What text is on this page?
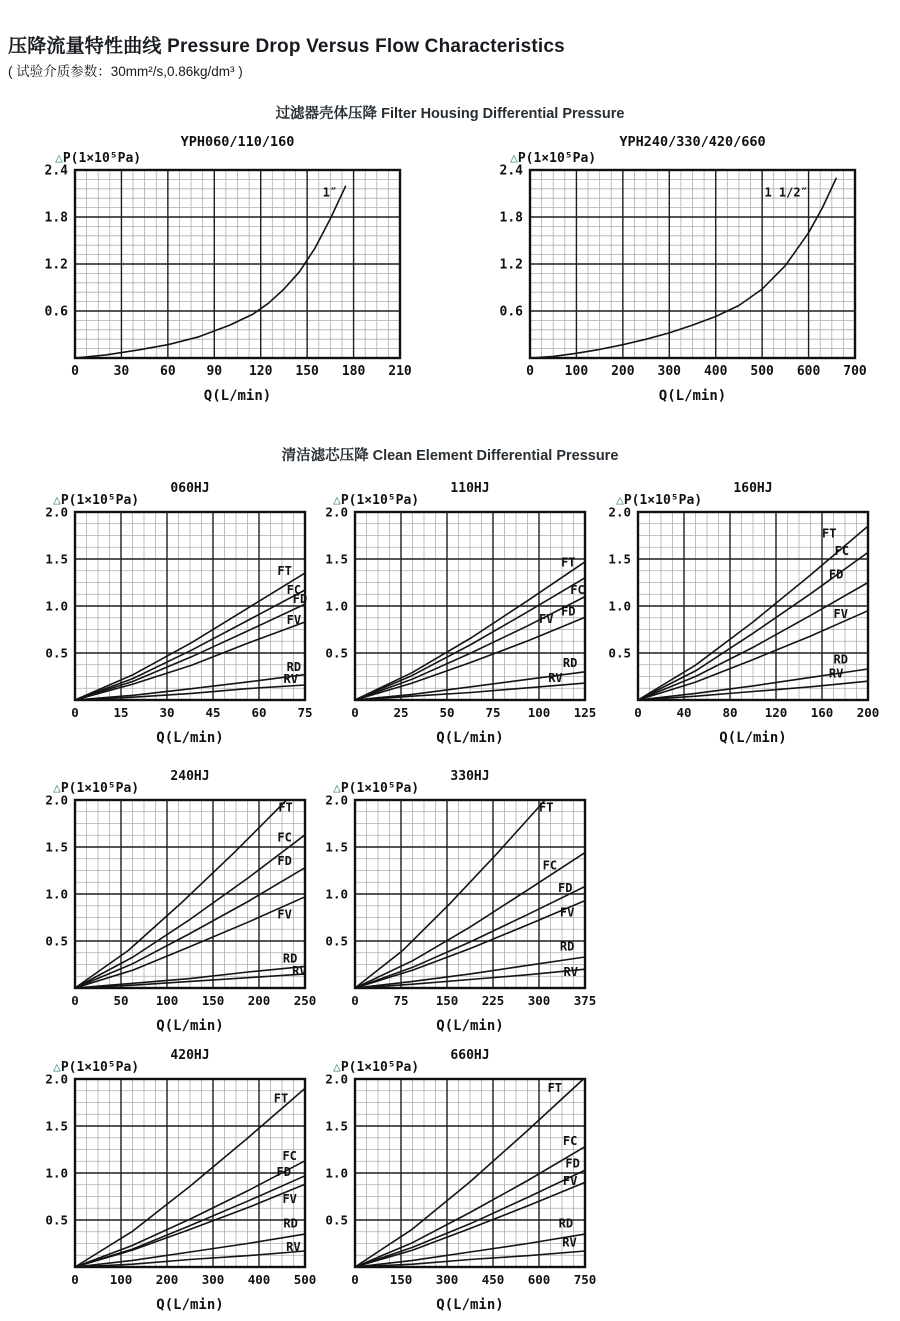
压降流量特性曲线 Pressure Drop Versus Flow Characteristics
( 试验介质参数：30mm²/s,0.86kg/dm³ )
过滤器壳体压降 Filter Housing Differential Pressure
清洁滤芯压降 Clean Element Differential Pressure
0	30 60 90 120 150 180 210
0.6
1.2
1.8
2.4
YPH060/110/160
Q(L/min)
△P(1×10⁵Pa)
1″
0 100 200 300 400 500 600 700
0.6
1.2
1.8
2.4
YPH240/330/420/660
Q(L/min)
△P(1×10⁵Pa)
1 1/2″
0	15 30 45 60 75
0.5
1.0
1.5
2.0
060HJ
Q(L/min)
△P(1×10⁵Pa)
FT
FC
FD
FV
RD
RV
0	25 50 75 100 125
0.5
1.0
1.5
2.0
110HJ
Q(L/min)
△P(1×10⁵Pa)
FT
FC
FD
FV
RD
RV
0	40 80 120 160 200
0.5
1.0
1.5
2.0
160HJ
Q(L/min)
△P(1×10⁵Pa)
FT
FC
FD
FV
RD
RV
0	50 100 150 200 250
0.5
1.0
1.5
2.0
240HJ
Q(L/min)
△P(1×10⁵Pa)
FT
FC
FD
FV
RD
RV
0	75 150 225 300 375
0.5
1.0
1.5
2.0
330HJ
Q(L/min)
△P(1×10⁵Pa)
FT
FC
FD
FV
RD
RV
0 100 200 300 400 500
0.5
1.0
1.5
2.0
420HJ
Q(L/min)
△P(1×10⁵Pa)
FT
FC
FD
FV
RD
RV
0 150 300 450 600 750
0.5
1.0
1.5
2.0
660HJ
Q(L/min)
△P(1×10⁵Pa)
FT
FC
FD
FV
RD
RV
